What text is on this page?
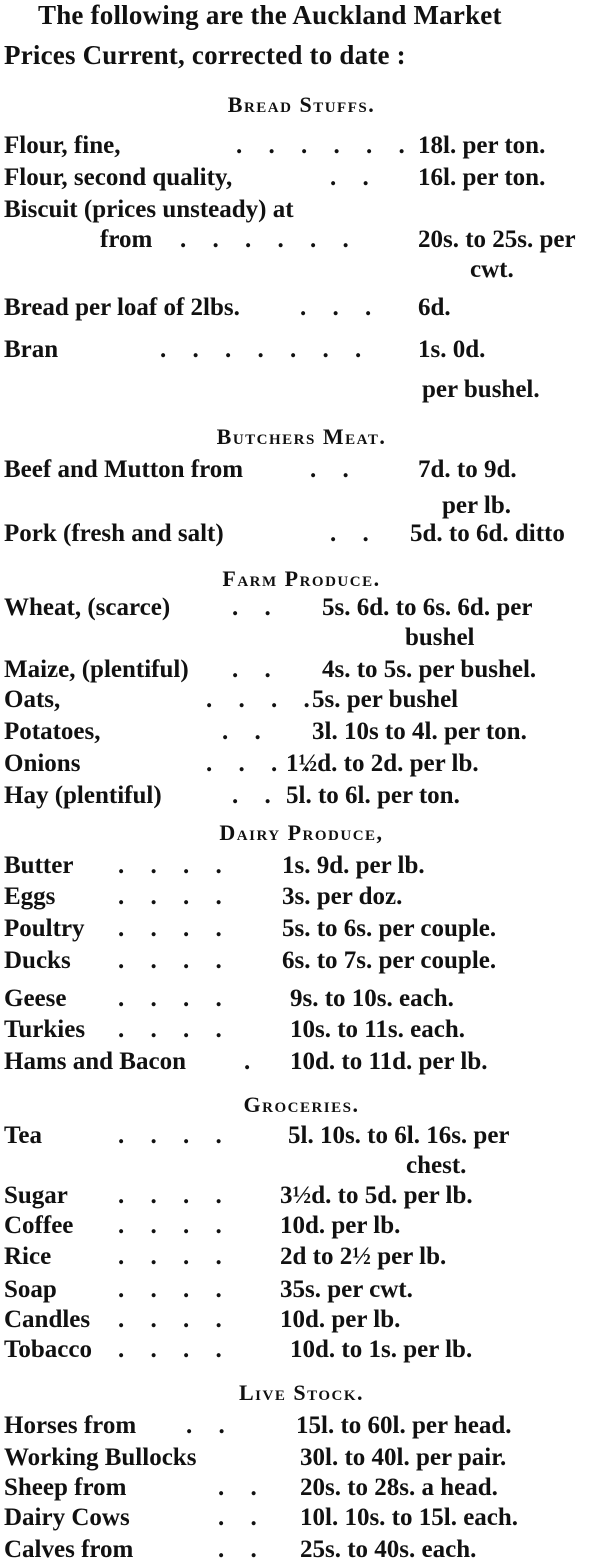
The following are the Auckland Market
Prices Current, corrected to date :
Bread Stuffs.
Flour, fine,	. . . . . . 18l. per ton.
Flour, second quality,	. . 16l. per ton.
Biscuit (prices unsteady) at
from . . . . . . 20s. to 25s. per
cwt.
Bread per loaf of 2lbs. . . . 6d.
Bran	. . . . . . . 1s. 0d.
per bushel.
Butchers Meat.
Beef and Mutton from	. . 7d. to 9d.
per lb.
Pork (fresh and salt)	. . 5d. to 6d. ditto
Farm Produce.
Wheat, (scarce) . . 5s. 6d. to 6s. 6d. per
bushel
Maize, (plentiful) . . 4s. to 5s. per bushel.
Oats,	. . . .
5s. per bushel
Potatoes,	. . 3l. 10s to 4l. per ton.
Onions	. . . .
1½d. to 2d. per lb.
Hay (plentiful)	. . 5l. to 6l. per ton.
Dairy Produce,
Butter . . . . 1s. 9d. per lb.
Eggs	. . . . 3s. per doz.
Poultry . . . . 5s. to 6s. per couple.
Ducks . . . . 6s. to 7s. per couple.
Geese . . . . 9s. to 10s. each.
Turkies . . . . 10s. to 11s. each.
Hams and Bacon . 10d. to 11d. per lb.
Groceries.
Tea	. . . . 5l. 10s. to 6l. 16s. per
chest.
Sugar . . . . 3½d. to 5d. per lb.
Coffee . . . . 10d. per lb.
Rice	. . . . 2d to 2½ per lb.
Soap . . . . 35s. per cwt.
Candles . . . . 10d. per lb.
Tobacco . . . . 10d. to 1s. per lb.
Live Stock.
Horses from . . 15l. to 60l. per head.
Working Bullocks	30l. to 40l. per pair.
Sheep from	. . 20s. to 28s. a head.
Dairy Cows	. . 10l. 10s. to 15l. each.
Calves from	. . 25s. to 40s. each.
